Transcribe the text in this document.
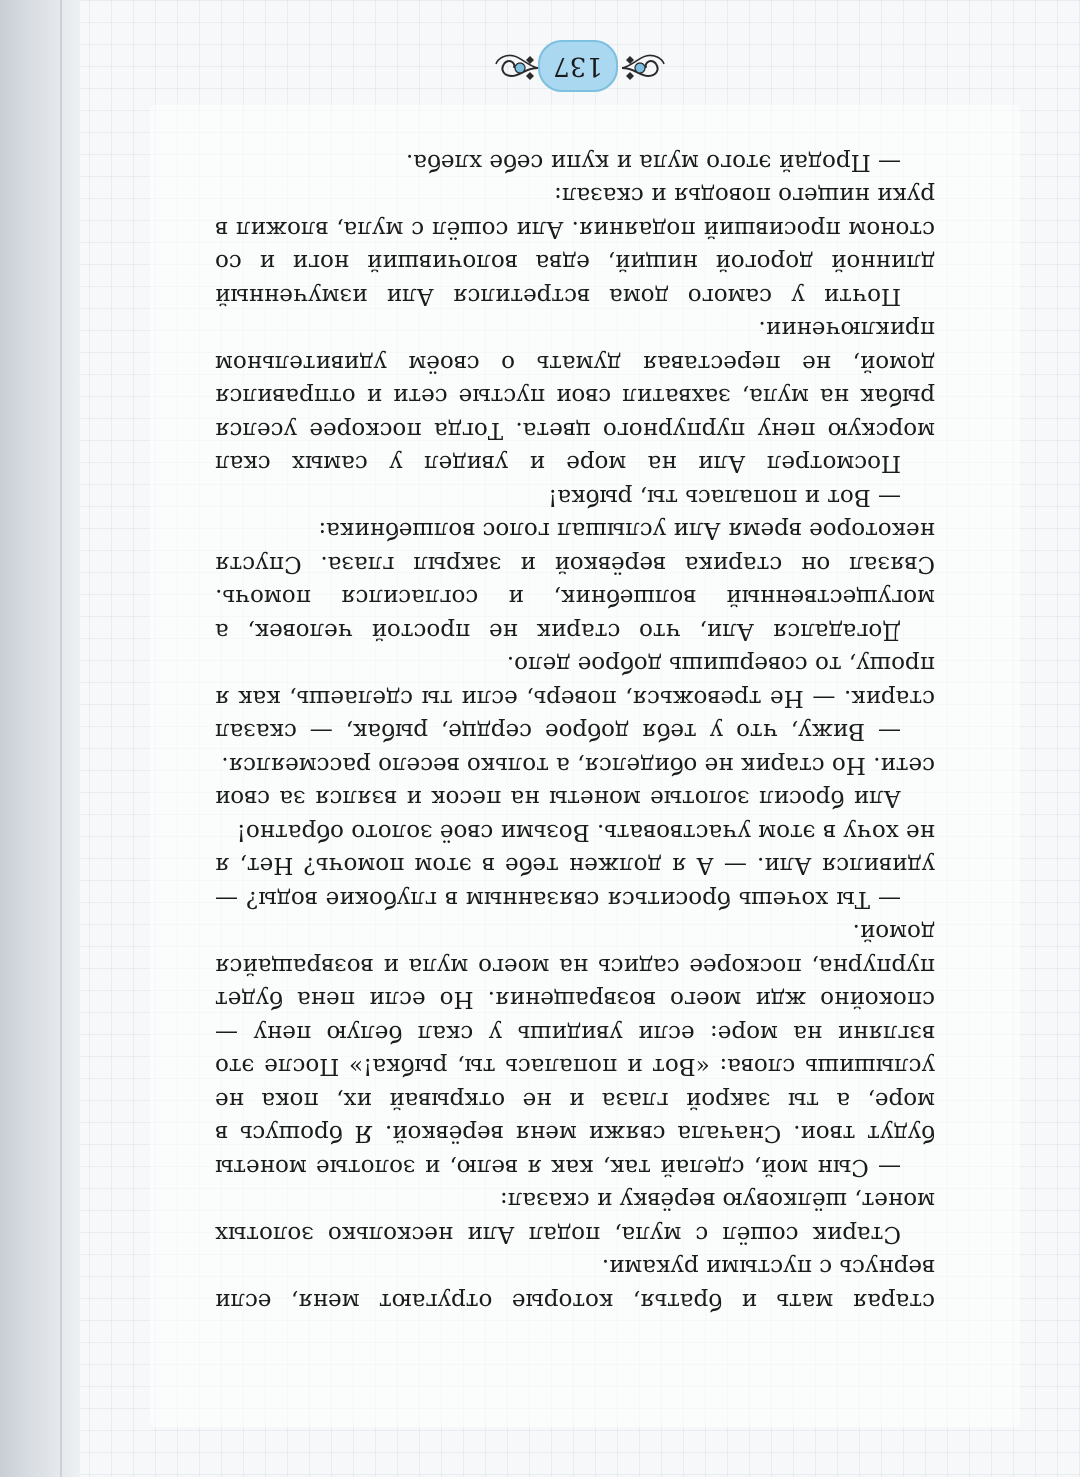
старая мать и братья, которые отругают меня, если вернусь с пустыми руками.

Старик сошёл с мула, подал Али несколько золотых монет, шёлковую верёвку и сказал:

— Сын мой, сделай так, как я велю, и золотые монеты будут твои. Сначала свяжи меня верёвкой. Я брошусь в море, а ты закрой глаза и не открывай их, пока не услышишь слова: «Вот и попалась ты, рыбка!» После это взгляни на море: если увидишь у скал белую пену — спокойно жди моего возвращения. Но если пена будет пурпурна, поскорее садись на моего мула и возвращайся домой.

— Ты хочешь броситься связанным в глубокие воды? — удивился Али. — А я должен тебе в этом помочь? Нет, я не хочу в этом участвовать. Возьми своё золото обратно!

Али бросил золотые монеты на песок и взялся за свои сети. Но старик не обиделся, а только весело рассмеялся.

— Вижу, что у тебя доброе сердце, рыбак, — сказал старик. — Не тревожься, поверь, если ты сделаешь, как я прошу, то совершишь доброе дело.

Догадался Али, что старик не простой человек, а могущественный волшебник, и согласился помочь. Связал он старика верёвкой и закрыл глаза. Спустя некоторое время Али услышал голос волшебника:

— Вот и попалась ты, рыбка!

Посмотрел Али на море и увидел у самых скал морскую пену пурпурного цвета. Тогда поскорее уселся рыбак на мула, захватил свои пустые сети и отправился домой, не переставая думать о своём удивительном приключении.

Почти у самого дома встретился Али измученный длинной дорогой нищий, едва волочивший ноги и со стоном просивший подаяния. Али сошёл с мула, вложил в руки нищего поводья и сказал:

— Продай этого мула и купи себе хлеба.

137
